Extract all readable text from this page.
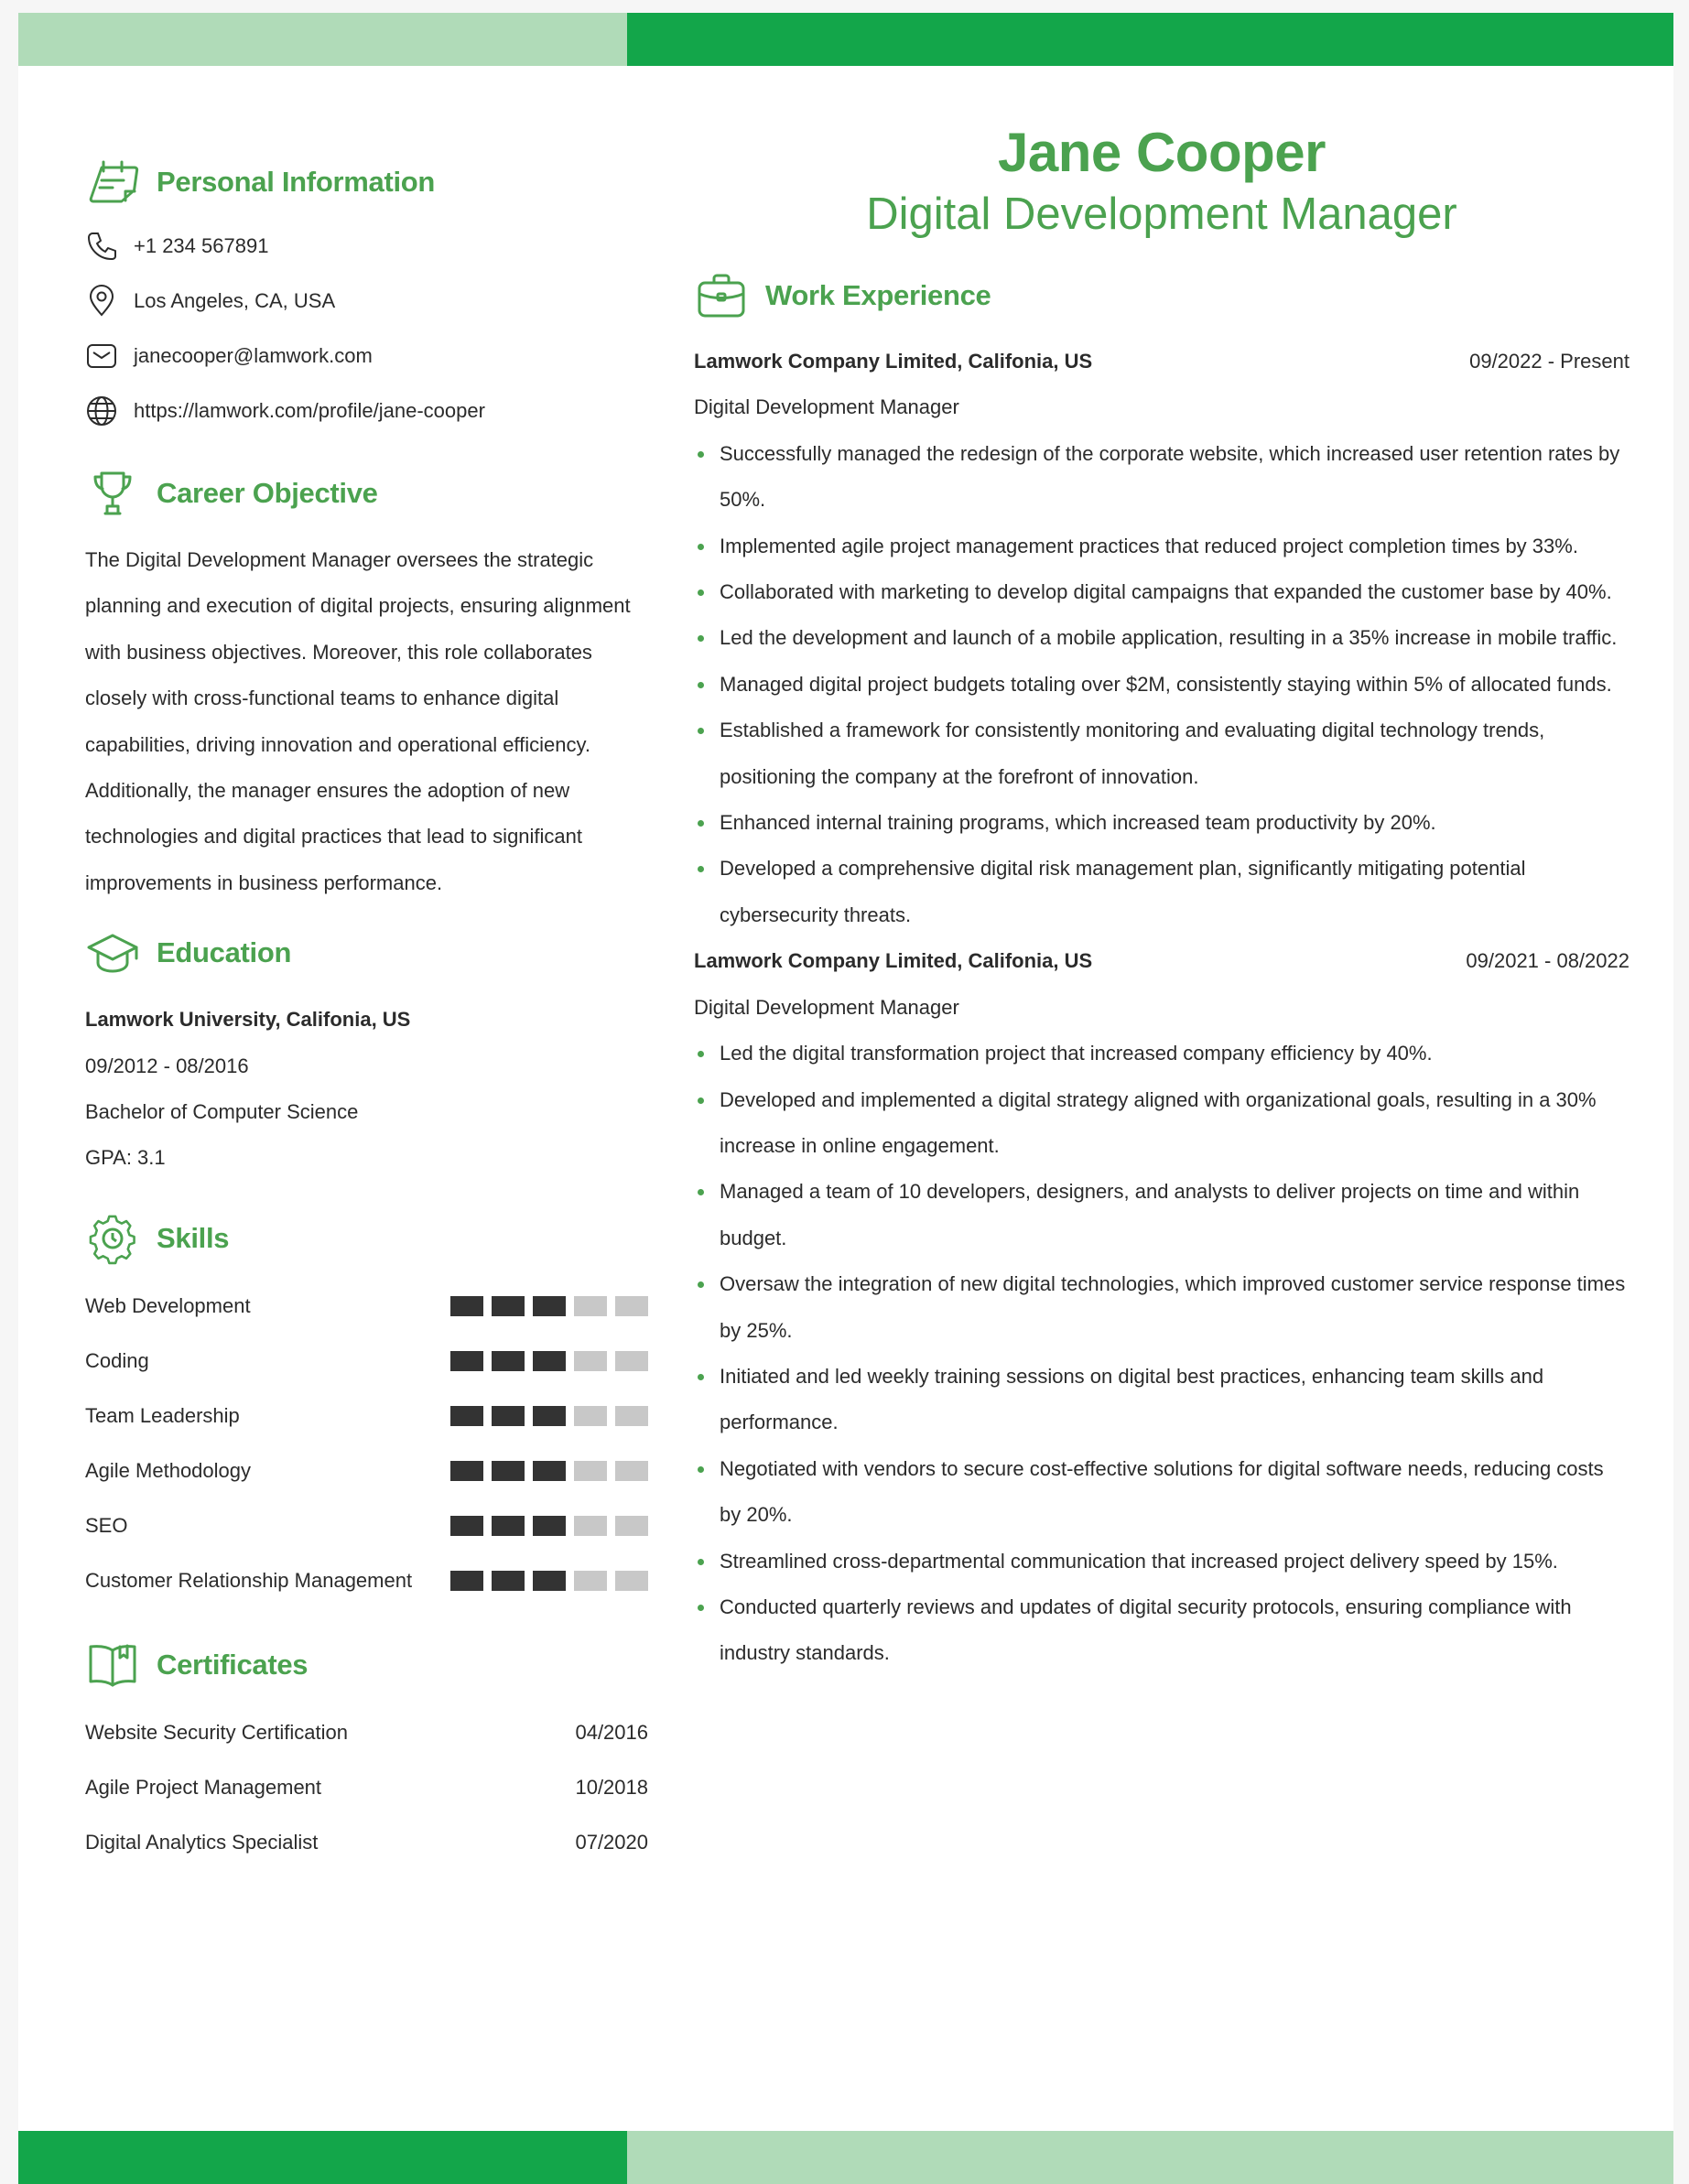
Personal Information
+1 234 567891
Los Angeles, CA, USA
janecooper@lamwork.com
https://lamwork.com/profile/jane-cooper
Career Objective
The Digital Development Manager oversees the strategic
planning and execution of digital projects, ensuring alignment
with business objectives. Moreover, this role collaborates
closely with cross-functional teams to enhance digital
capabilities, driving innovation and operational efficiency.
Additionally, the manager ensures the adoption of new
technologies and digital practices that lead to significant
improvements in business performance.
Education
Lamwork University, Califonia, US
09/2012 - 08/2016
Bachelor of Computer Science
GPA: 3.1
Skills
Web Development
Coding
Team Leadership
Agile Methodology
SEO
Customer Relationship Management
Certificates
Website Security Certification	04/2016
Agile Project Management	10/2018
Digital Analytics Specialist	07/2020
Jane Cooper
Digital Development Manager
Work Experience
Lamwork Company Limited, Califonia, US	09/2022 - Present
Digital Development Manager
Successfully managed the redesign of the corporate website, which increased user retention rates by 50%.
Implemented agile project management practices that reduced project completion times by 33%.
Collaborated with marketing to develop digital campaigns that expanded the customer base by 40%.
Led the development and launch of a mobile application, resulting in a 35% increase in mobile traffic.
Managed digital project budgets totaling over $2M, consistently staying within 5% of allocated funds.
Established a framework for consistently monitoring and evaluating digital technology trends, positioning the company at the forefront of innovation.
Enhanced internal training programs, which increased team productivity by 20%.
Developed a comprehensive digital risk management plan, significantly mitigating potential cybersecurity threats.
Lamwork Company Limited, Califonia, US	09/2021 - 08/2022
Digital Development Manager
Led the digital transformation project that increased company efficiency by 40%.
Developed and implemented a digital strategy aligned with organizational goals, resulting in a 30% increase in online engagement.
Managed a team of 10 developers, designers, and analysts to deliver projects on time and within budget.
Oversaw the integration of new digital technologies, which improved customer service response times by 25%.
Initiated and led weekly training sessions on digital best practices, enhancing team skills and performance.
Negotiated with vendors to secure cost-effective solutions for digital software needs, reducing costs by 20%.
Streamlined cross-departmental communication that increased project delivery speed by 15%.
Conducted quarterly reviews and updates of digital security protocols, ensuring compliance with industry standards.
